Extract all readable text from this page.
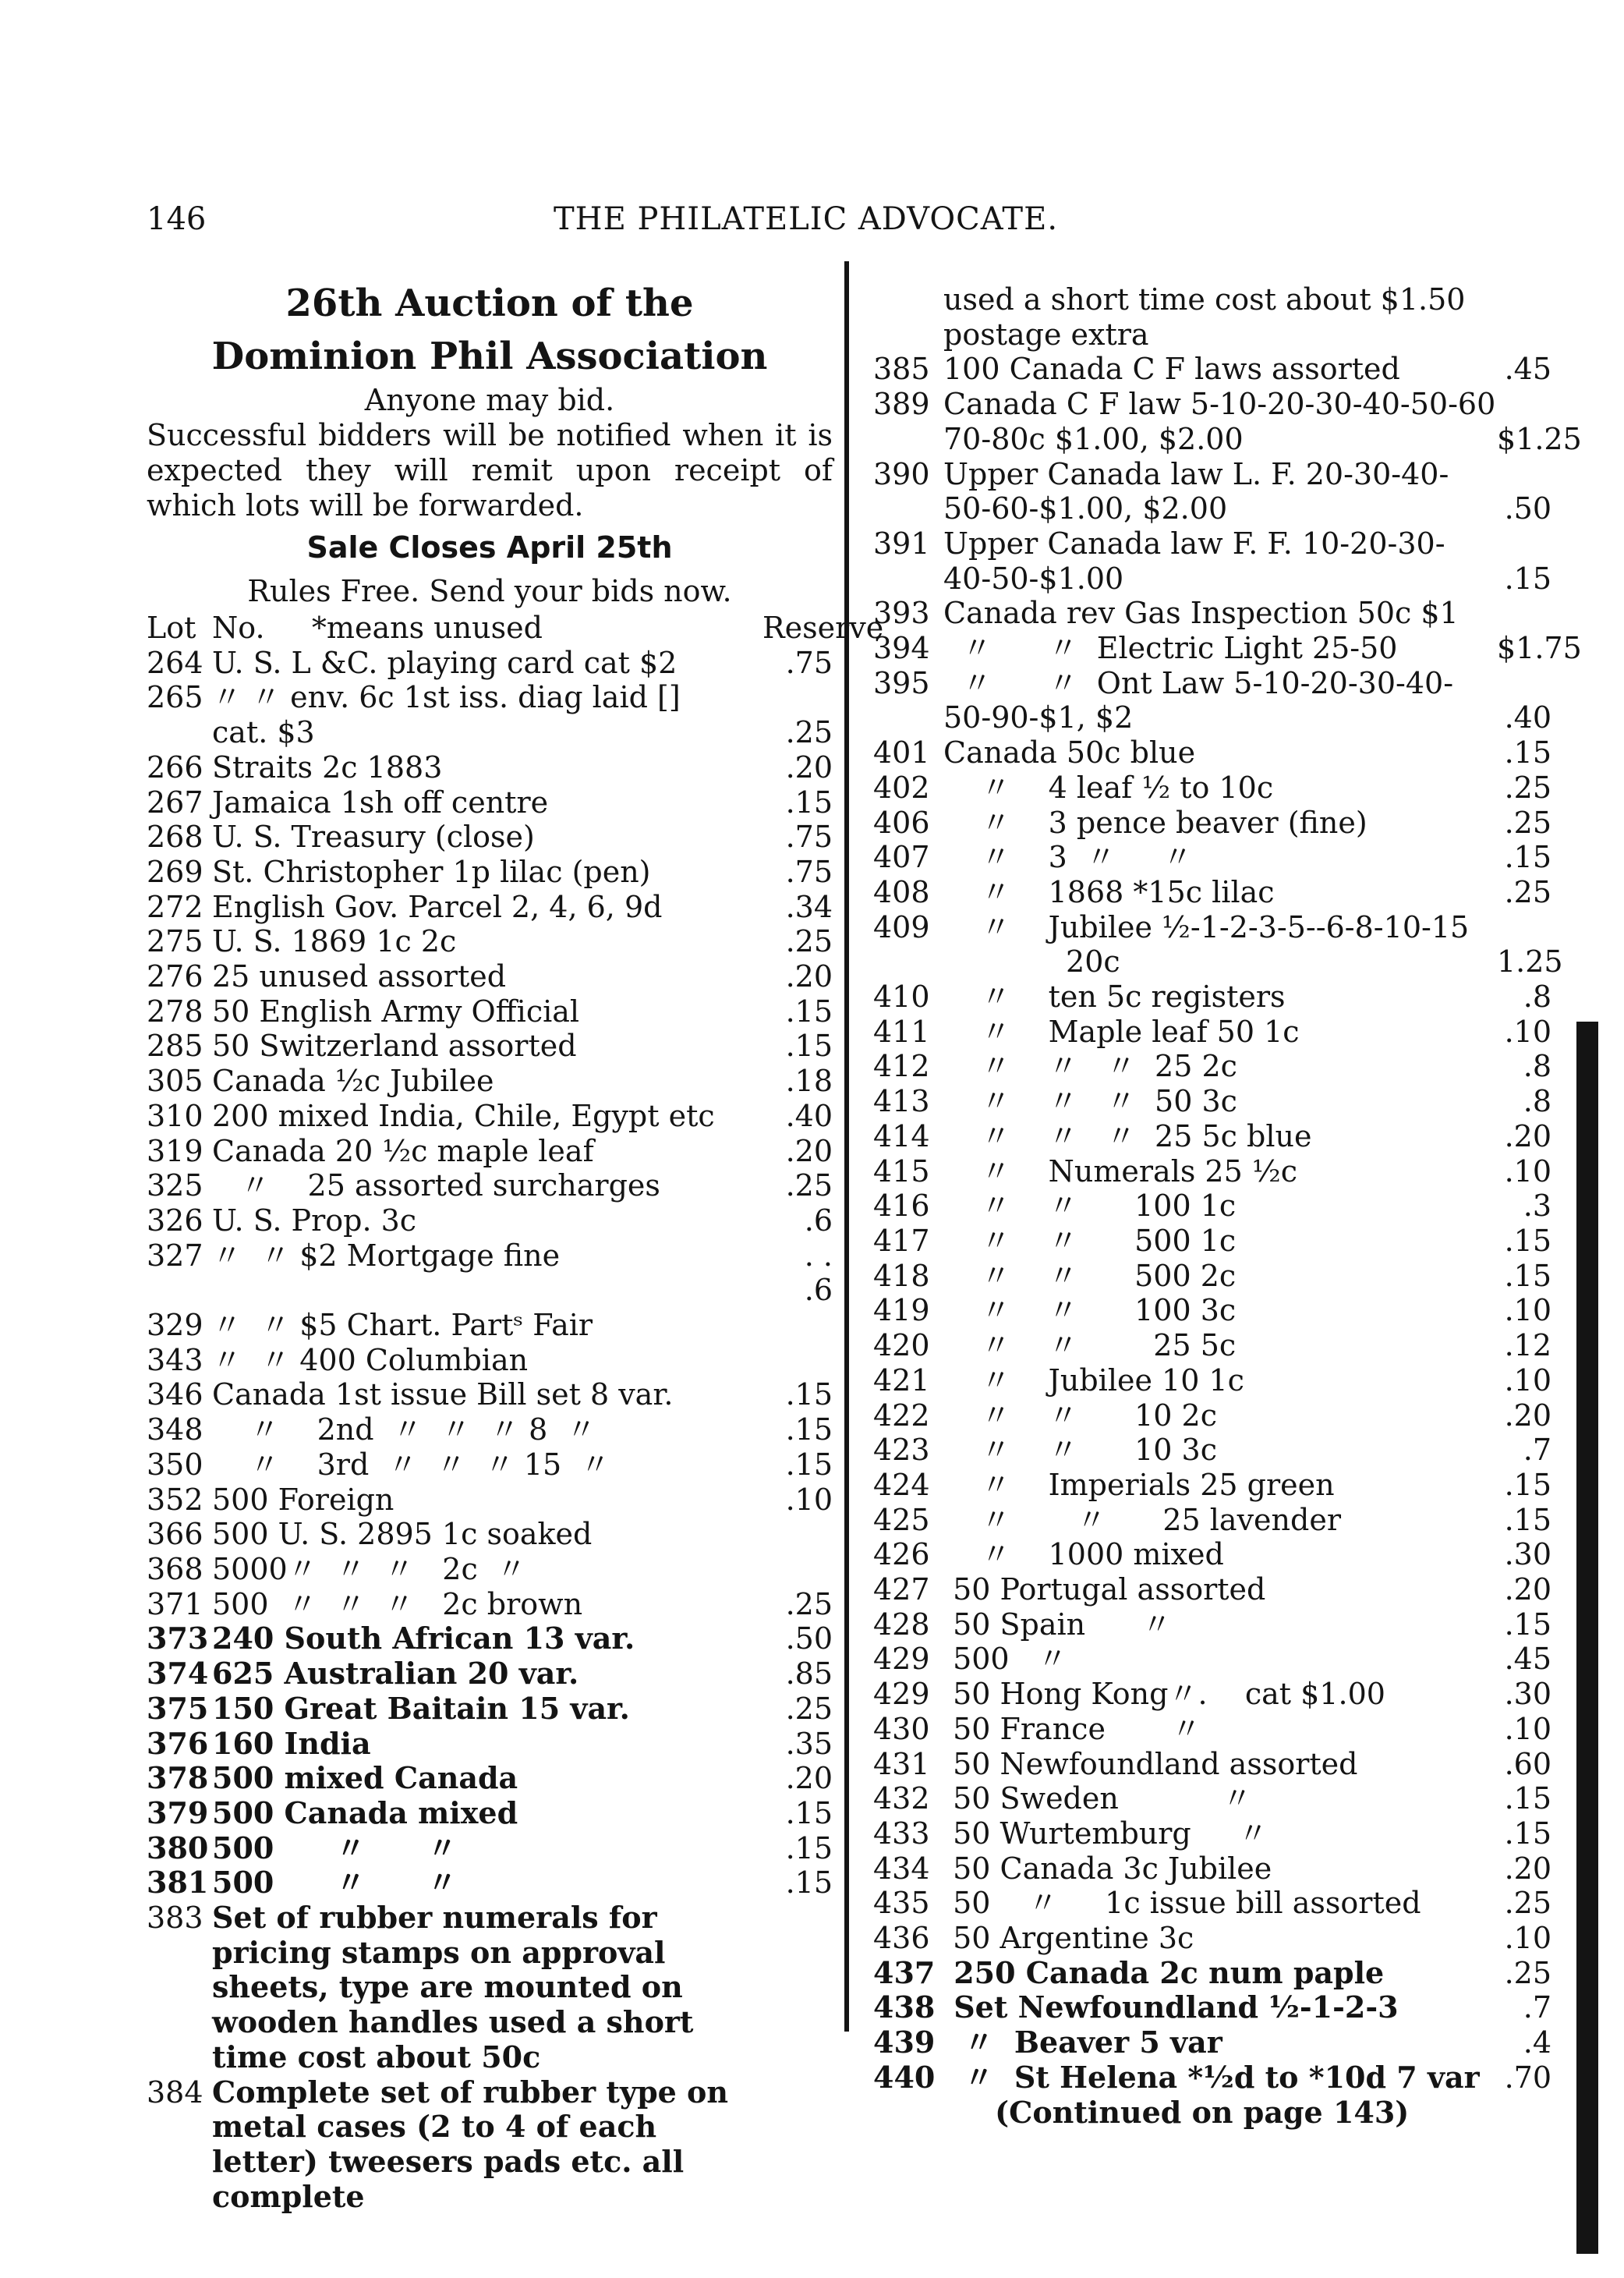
146	THE PHILATELIC ADVOCATE.

26th Auction of the

Dominion Phil Association

Anyone may bid.
Successful bidders will be notified when it is expected they will remit upon receipt of which lots will be forwarded.
Sale Closes April 25th
Rules Free. Send your bids now.
Lot No.     *means unused	Reserve
264 U. S. L &C. playing card cat $2	.75
265 〃 〃 env. 6c 1st iss. diag laid []
cat. $3	.25
266 Straits 2c 1883	.20
267 Jamaica 1sh off centre	.15
268 U. S. Treasury (close)	.75
269 St. Christopher 1p lilac (pen)	.75
272 English Gov. Parcel 2, 4, 6, 9d	.34
275 U. S. 1869 1c 2c	.25
276 25 unused assorted	.20
278 50 English Army Official	.15
285 50 Switzerland assorted	.15
305 Canada ½c Jubilee	.18
310 200 mixed India, Chile, Egypt etc	.40
319 Canada 20 ½c maple leaf	.20
325 〃    25 assorted surcharges	.25
326 U. S. Prop. 3c	.6
327 〃  〃 $2 Mortgage fine	. . .6
329 〃  〃 $5 Chart. Partˢ Fair
343 〃  〃 400 Columbian
346 Canada 1st issue Bill set 8 var.	.15
348 〃    2nd  〃  〃  〃 8  〃	.15
350 〃    3rd  〃  〃  〃 15  〃	.15
352 500 Foreign	.10
366 500 U. S. 2895 1c soaked
368 5000〃  〃  〃   2c  〃
371 500  〃  〃  〃   2c brown	.25
373 240 South African 13 var.	.50
374 625 Australian 20 var.	.85
375 150 Great Baitain 15 var.	.25
376 160 India	.35
378 500 mixed Canada	.20
379 500 Canada mixed	.15
380 500      〃      〃	.15
381 500      〃      〃	.15
383 Set of rubber numerals for pricing stamps on approval sheets, type are mounted on wooden handles used a short time cost about 50c
384 Complete set of rubber type on metal cases (2 to 4 of each letter) tweesers pads etc. all complete
used a short time cost about $1.50
postage extra
385 100 Canada C F laws assorted	.45
389 Canada C F law 5-10-20-30-40-50-60
70-80c $1.00, $2.00	$1.25
390 Upper Canada law L. F. 20-30-40-
50-60-$1.00, $2.00	.50
391 Upper Canada law F. F. 10-20-30-
40-50-$1.00	.15
393 Canada rev Gas Inspection 50c $1
394 〃      〃  Electric Light 25-50	$1.75
395 〃      〃  Ont Law 5-10-20-30-40-
50-90-$1, $2	.40
401 Canada 50c blue	.15
402 〃    4 leaf ½ to 10c	.25
406 〃    3 pence beaver (fine)	.25
407 〃    3  〃     〃	.15
408 〃    1868 *15c lilac	.25
409 〃    Jubilee ½-1-2-3-5--6-8-10-15
20c	1.25
410 〃    ten 5c registers	.8
411 〃    Maple leaf 50 1c	.10
412 〃    〃   〃  25 2c	.8
413 〃    〃   〃  50 3c	.8
414 〃    〃   〃  25 5c blue	.20
415 〃    Numerals 25 ½c	.10
416 〃    〃      100 1c	.3
417 〃    〃      500 1c	.15
418 〃    〃      500 2c	.15
419 〃    〃      100 3c	.10
420 〃    〃        25 5c	.12
421 〃    Jubilee 10 1c	.10
422 〃    〃      10 2c	.20
423 〃    〃      10 3c	.7
424 〃    Imperials 25 green	.15
425 〃       〃      25 lavender	.15
426 〃    1000 mixed	.30
427 50 Portugal assorted	.20
428 50 Spain      〃	.15
429 500   〃	.45
429 50 Hong Kong〃.    cat $1.00	.30
430 50 France       〃	.10
431 50 Newfoundland assorted	.60
432 50 Sweden           〃	.15
433 50 Wurtemburg     〃	.15
434 50 Canada 3c Jubilee	.20
435 50    〃     1c issue bill assorted	.25
436 50 Argentine 3c	.10
437 250 Canada 2c num paple	.25
438 Set Newfoundland ½-1-2-3	.7
439 〃  Beaver 5 var	.4
440 〃  St Helena *½d to *10d 7 var .70
(Continued on page 143)
